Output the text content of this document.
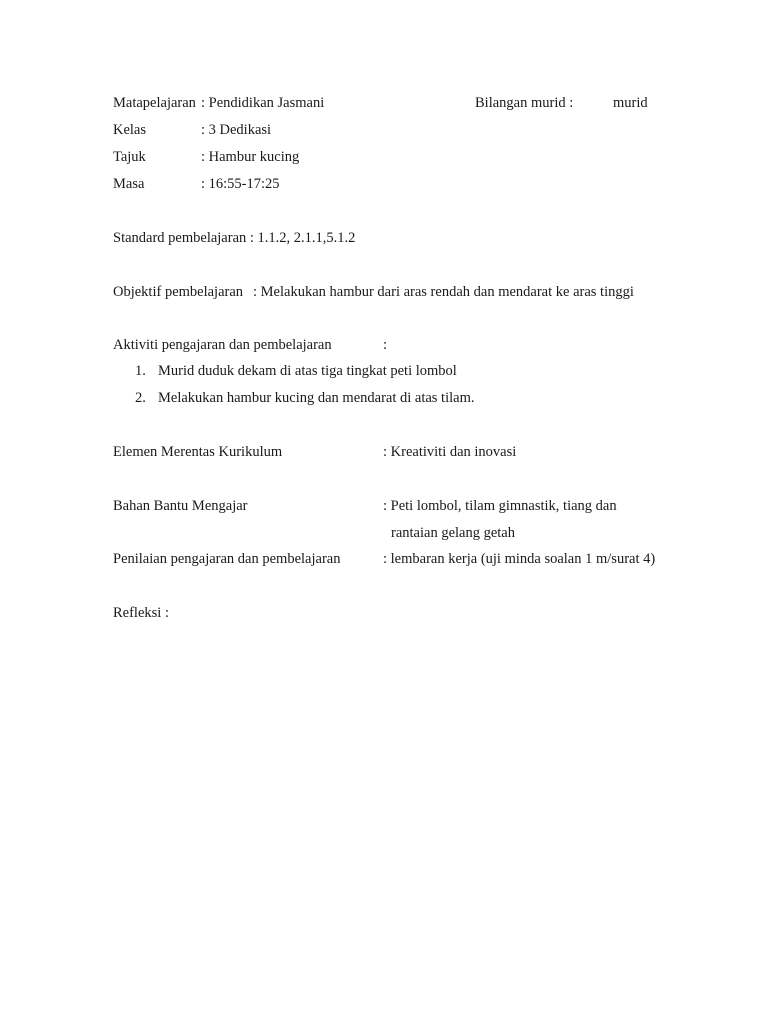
Matapelajaran : Pendidikan Jasmani	Bilangan murid :	murid
Kelas	: 3 Dedikasi
Tajuk	: Hambur kucing
Masa	: 16:55-17:25
Standard pembelajaran : 1.1.2, 2.1.1,5.1.2
Objektif pembelajaran : Melakukan hambur dari aras rendah dan mendarat ke aras tinggi
Aktiviti pengajaran dan pembelajaran	:
1. Murid duduk dekam di atas tiga tingkat peti lombol
2. Melakukan hambur kucing dan mendarat di atas tilam.
Elemen Merentas Kurikulum	: Kreativiti dan inovasi
Bahan Bantu Mengajar	: Peti lombol, tilam gimnastik, tiang dan
rantaian gelang getah
Penilaian pengajaran dan pembelajaran	: lembaran kerja (uji minda soalan 1 m/surat 4)
Refleksi :
